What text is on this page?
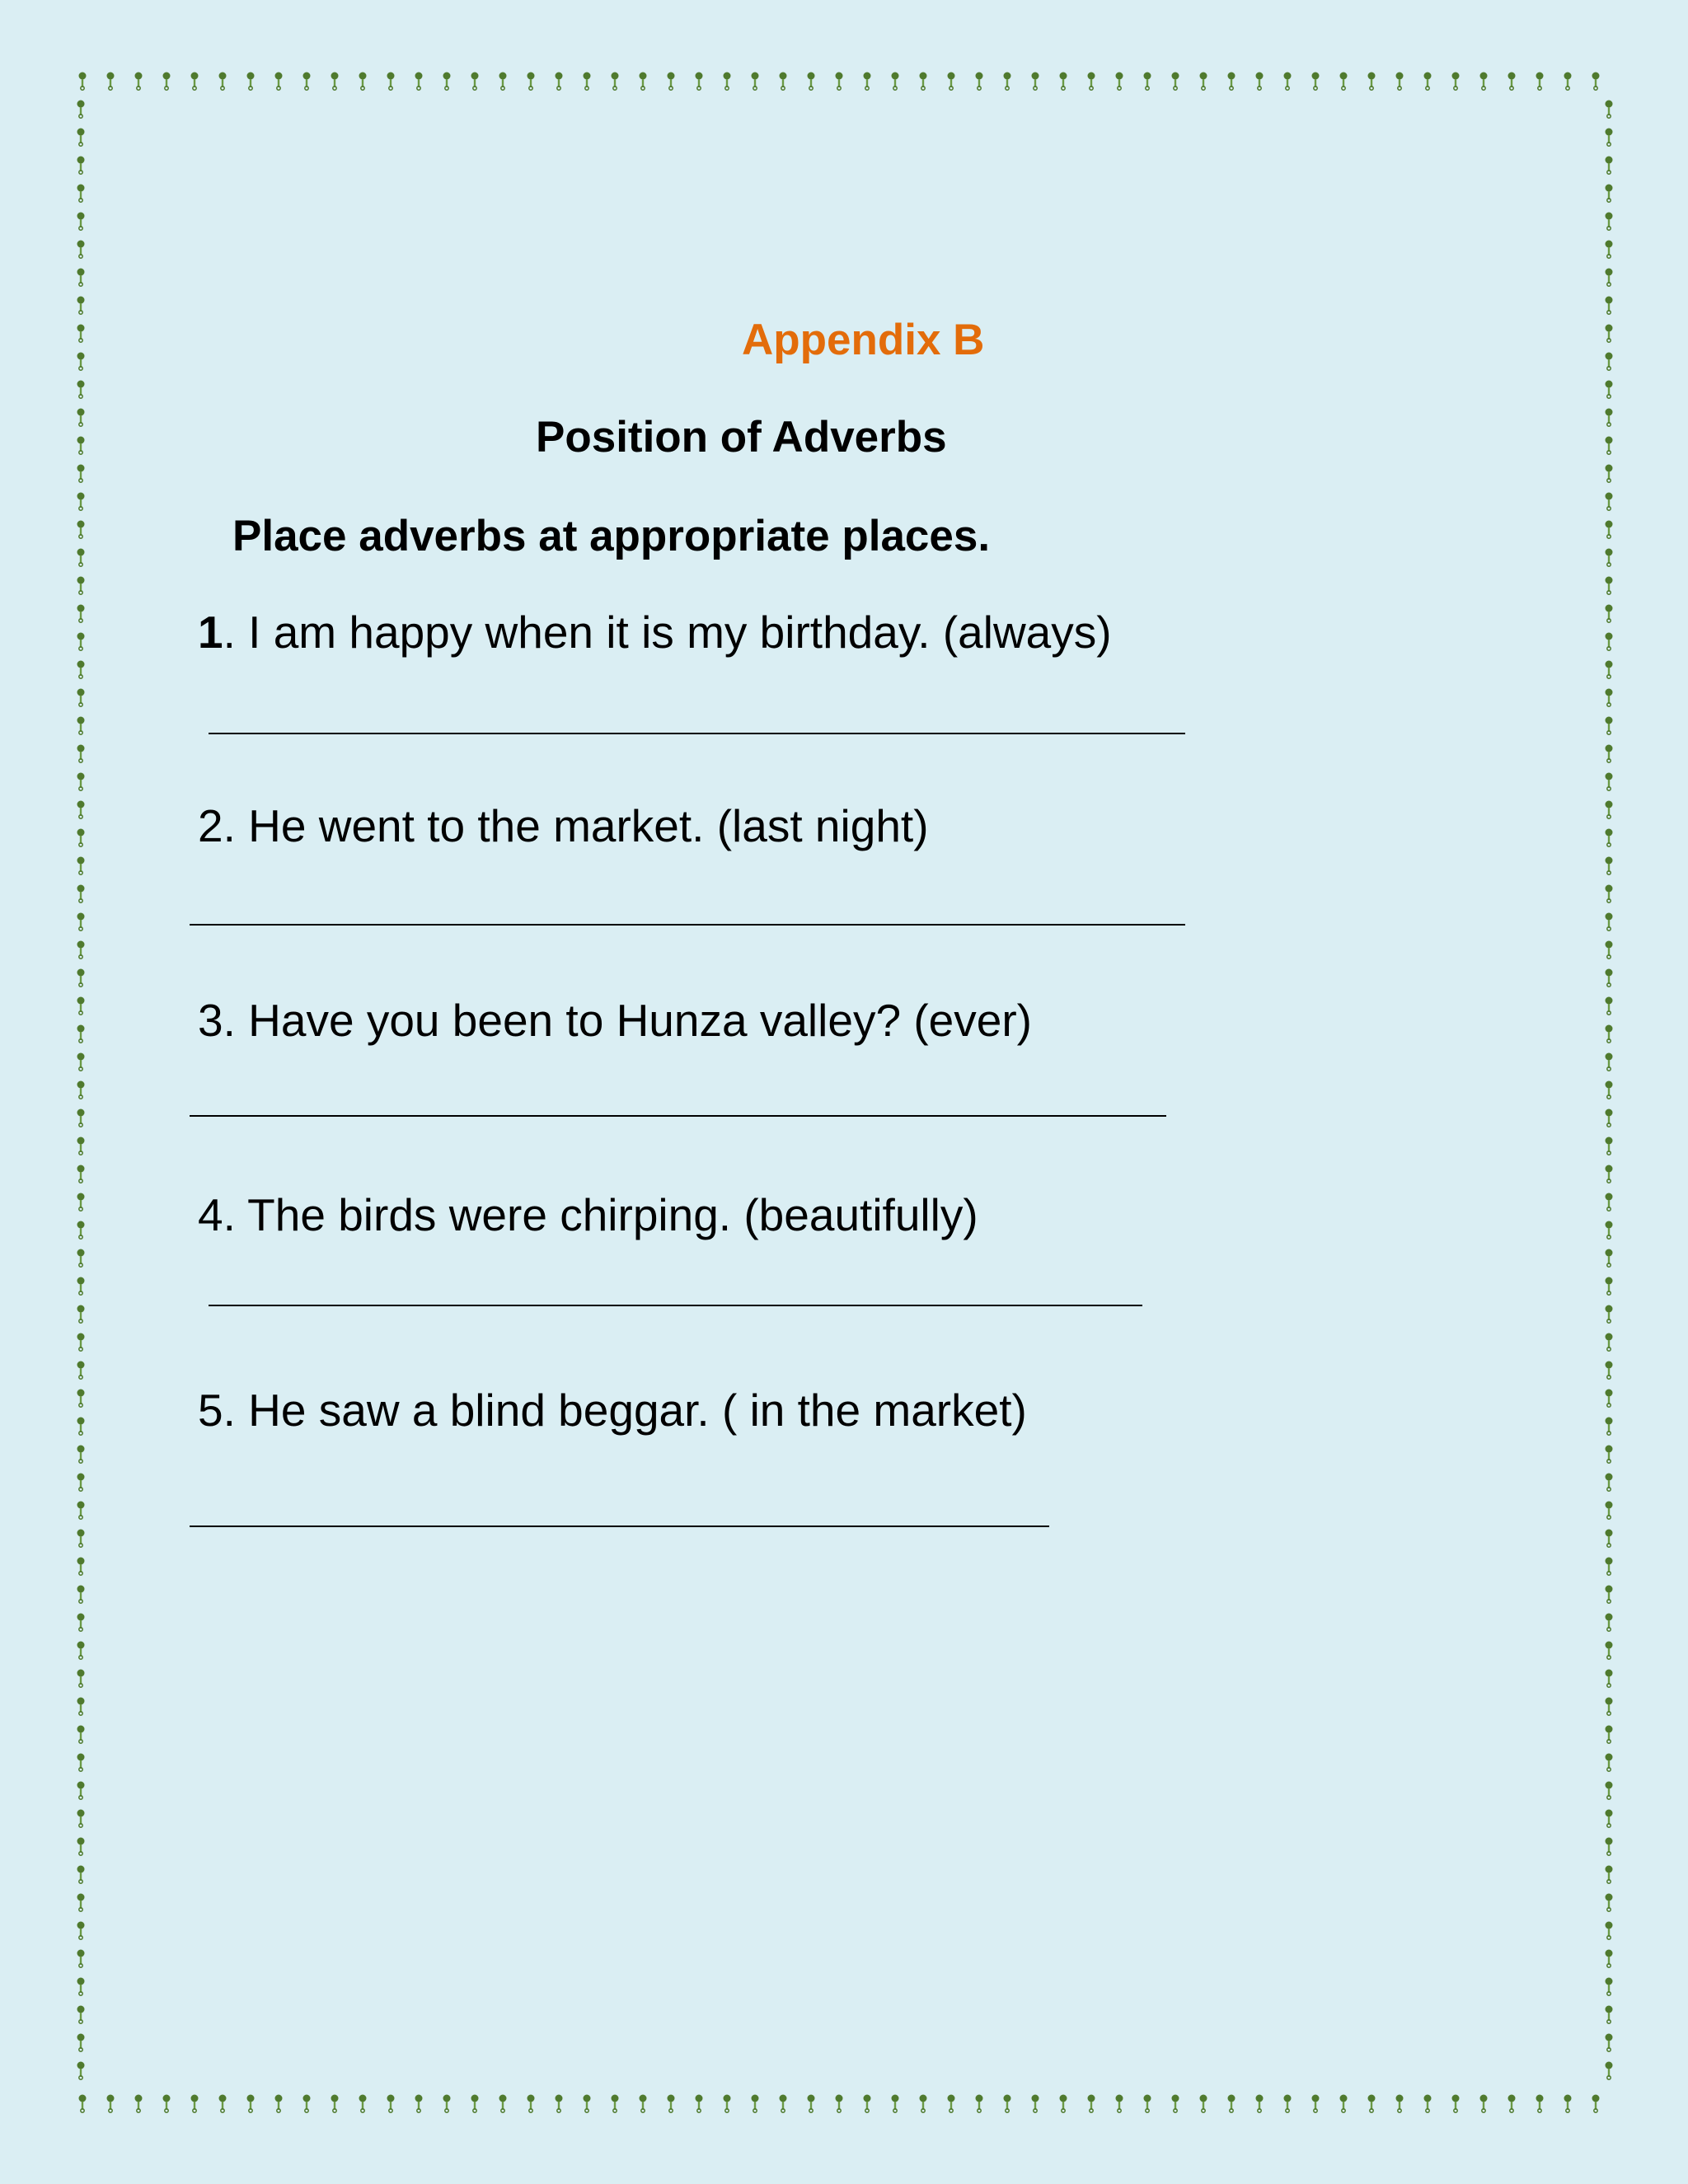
Appendix B
Position of Adverbs
Place adverbs at appropriate places.
1. I am happy when it is my birthday. (always)
2. He went to the market. (last night)
3. Have you been to Hunza valley? (ever)
4. The birds were chirping. (beautifully)
5. He saw a blind beggar. ( in the market)
